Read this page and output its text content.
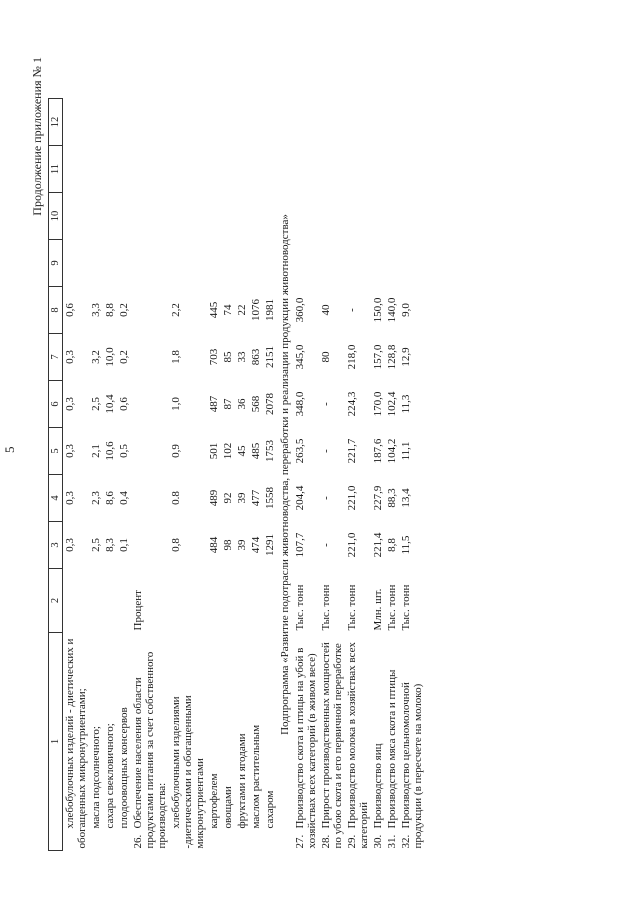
5
Продолжение приложения № 1
1	2	3	4	5	6	7	8	9	10	11	12
хлебобулочных изделий - диетических и обогащенных микронутриентами;		0,3	0,3	0,3	0,3	0,3	0,6				
масла подсолнечного;		2,5	2,3	2,1	2,5	3,2	3,3				
сахара свекловичного;		8,3	8,6	10,6	10,4	10,0	8,8				
плодоовощных консервов		0,1	0,4	0,5	0,6	0,2	0,2				
26.Обеспечение населения области продуктами питания за счет собственного производства:	Процент										
хлебобулочными изделиями -диетическими и обогащенными микронутриентами		0,8	0.8	0,9	1,0	1,8	2,2				
картофелем		484	489	501	487	703	445				
овощами		98	92	102	87	85	74				
фруктами и ягодами		39	39	45	36	33	22				
маслом растительным		474	477	485	568	863	1076				
сахаром		1291	1558	1753	2078	2151	1981				
Подпрограмма «Развитие подотрасли животноводства, переработки и реализации продукции животноводства»											
27.Производство скота и птицы на убой в хозяйствах всех категорий (в живом весе)	Тыс. тонн	107,7	204,4	263,5	348,0	345,0	360,0				
28.Прирост производственных мощностей по убою скота и его первичной переработке	Тыс. тонн	-	-	-	-	80	40				
29.Производство молока в хозяйствах всех категорий	Тыс. тонн	221,0	221,0	221,7	224,3	218,0	-				
30.Производство яиц	Млн. шт.	221,4	227,9	187,6	170,0	157,0	150,0				
31.Производство мяса скота и птицы	Тыс. тонн	8,8	88,3	104,2	102,4	128,8	140,0				
32.Производство цельномолочной продукции (в пересчете на молоко)	Тыс. тонн	11,5	13,4	11,1	11,3	12,9	9,0				
